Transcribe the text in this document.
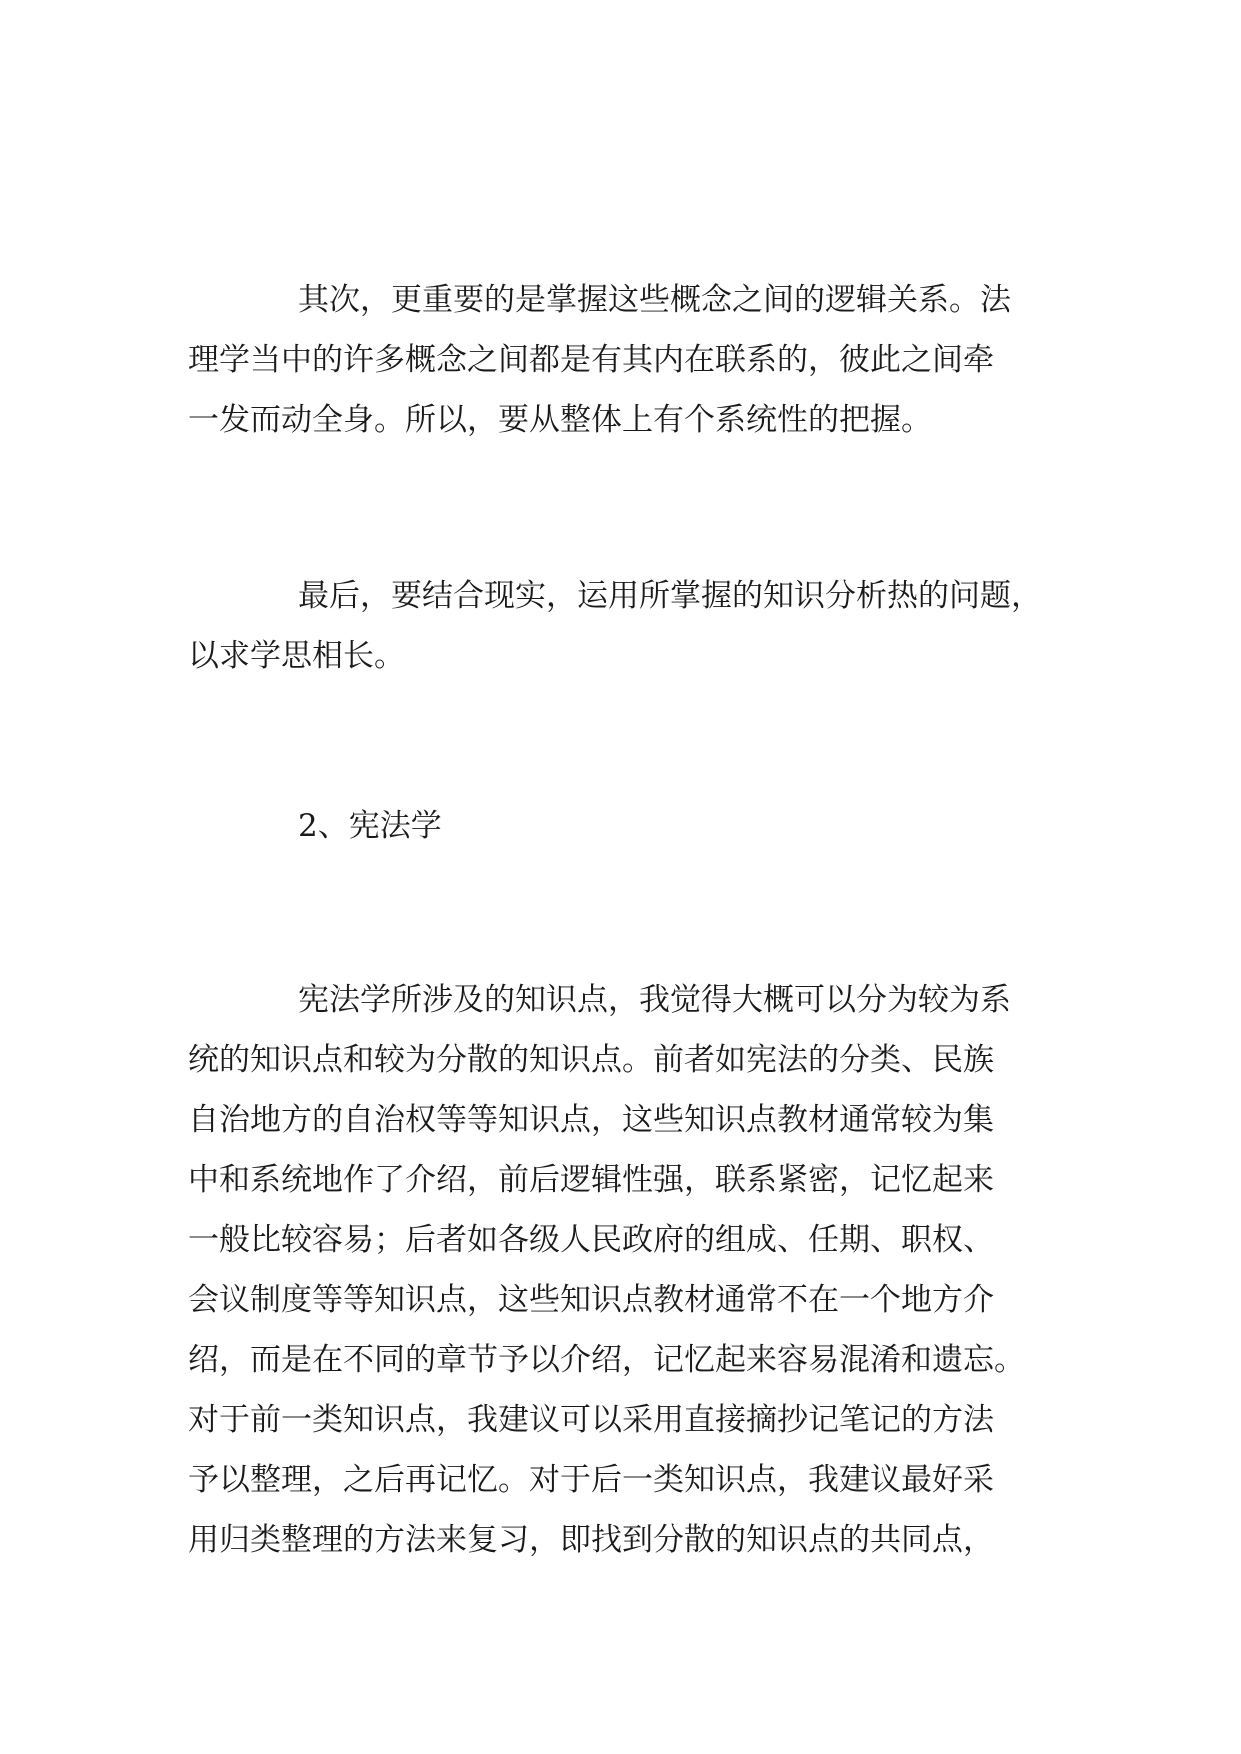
其次，更重要的是掌握这些概念之间的逻辑关系。法
理学当中的许多概念之间都是有其内在联系的，彼此之间牵
一发而动全身。所以，要从整体上有个系统性的把握。

最后，要结合现实，运用所掌握的知识分析热的问题，
以求学思相长。

2、宪法学

宪法学所涉及的知识点，我觉得大概可以分为较为系
统的知识点和较为分散的知识点。前者如宪法的分类、民族
自治地方的自治权等等知识点，这些知识点教材通常较为集
中和系统地作了介绍，前后逻辑性强，联系紧密，记忆起来
一般比较容易；后者如各级人民政府的组成、任期、职权、
会议制度等等知识点，这些知识点教材通常不在一个地方介
绍，而是在不同的章节予以介绍，记忆起来容易混淆和遗忘。
对于前一类知识点，我建议可以采用直接摘抄记笔记的方法
予以整理，之后再记忆。对于后一类知识点，我建议最好采
用归类整理的方法来复习，即找到分散的知识点的共同点，
